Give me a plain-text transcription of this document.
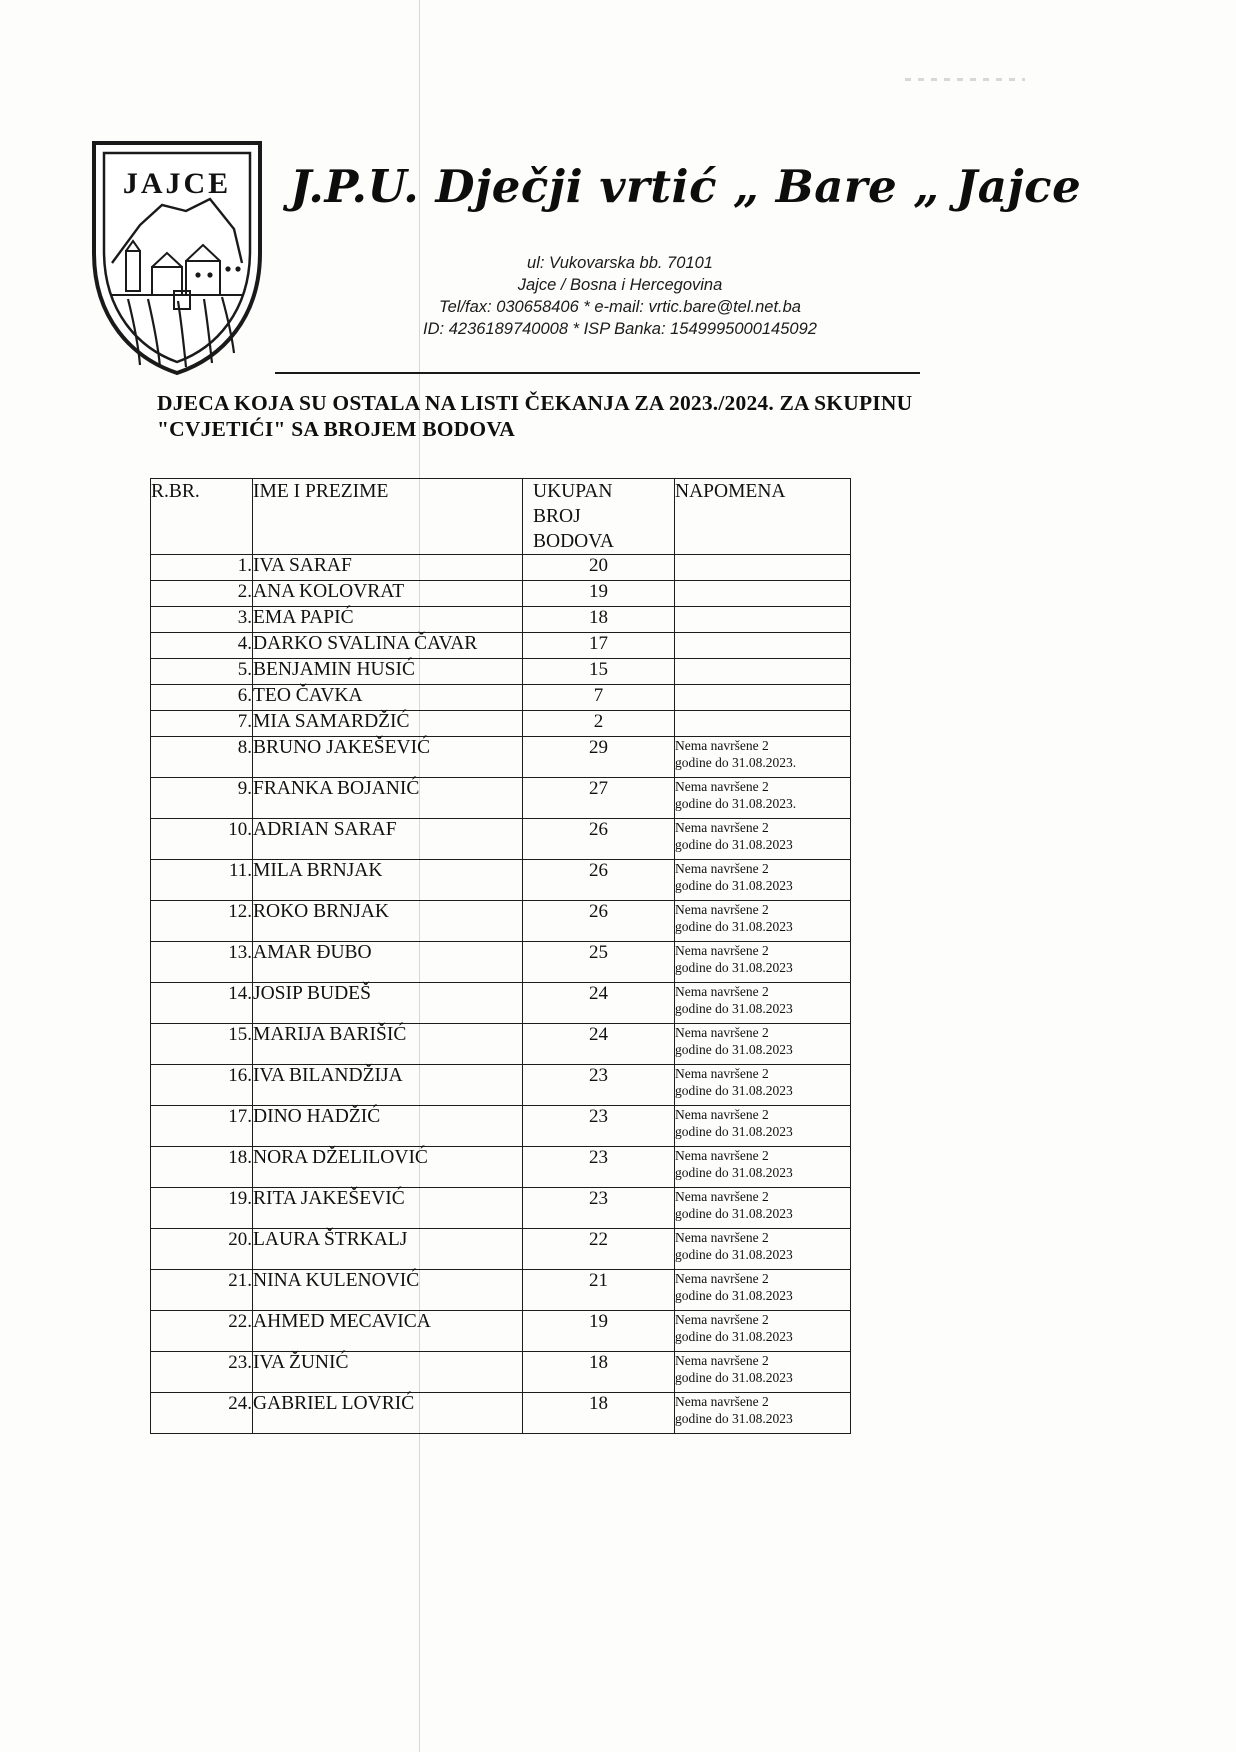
JAJCE J.P.U. Dječji vrtić „ Bare „ Jajce
ul: Vukovarska bb. 70101
Jajce / Bosna i Hercegovina
Tel/fax: 030658406 * e-mail: vrtic.bare@tel.net.ba
ID: 4236189740008 * ISP Banka: 1549995000145092
DJECA KOJA SU OSTALA NA LISTI ČEKANJA ZA 2023./2024. ZA SKUPINU
"CVJETIĆI" SA BROJEM BODOVA
R.BR.	IME I PREZIME	UKUPAN
BROJ
BODOVA	NAPOMENA
1.	IVA SARAF	20	
2.	ANA KOLOVRAT	19	
3.	EMA PAPIĆ	18	
4.	DARKO SVALINA ČAVAR	17	
5.	BENJAMIN HUSIĆ	15	
6.	TEO ČAVKA	7	
7.	MIA SAMARDŽIĆ	2	
8.	BRUNO JAKEŠEVIĆ	29	Nema navršene 2
godine do 31.08.2023.

9.	FRANKA BOJANIĆ	27	Nema navršene 2
godine do 31.08.2023.

10.	ADRIAN SARAF	26	Nema navršene 2
godine do 31.08.2023

11.	MILA BRNJAK	26	Nema navršene 2
godine do 31.08.2023

12.	ROKO BRNJAK	26	Nema navršene 2
godine do 31.08.2023

13.	AMAR ĐUBO	25	Nema navršene 2
godine do 31.08.2023

14.	JOSIP BUDEŠ	24	Nema navršene 2
godine do 31.08.2023

15.	MARIJA BARIŠIĆ	24	Nema navršene 2
godine do 31.08.2023

16.	IVA BILANDŽIJA	23	Nema navršene 2
godine do 31.08.2023

17.	DINO HADŽIĆ	23	Nema navršene 2
godine do 31.08.2023

18.	NORA DŽELILOVIĆ	23	Nema navršene 2
godine do 31.08.2023

19.	RITA JAKEŠEVIĆ	23	Nema navršene 2
godine do 31.08.2023

20.	LAURA ŠTRKALJ	22	Nema navršene 2
godine do 31.08.2023

21.	NINA KULENOVIĆ	21	Nema navršene 2
godine do 31.08.2023

22.	AHMED MECAVICA	19	Nema navršene 2
godine do 31.08.2023

23.	IVA ŽUNIĆ	18	Nema navršene 2
godine do 31.08.2023

24.	GABRIEL LOVRIĆ	18	Nema navršene 2
godine do 31.08.2023
